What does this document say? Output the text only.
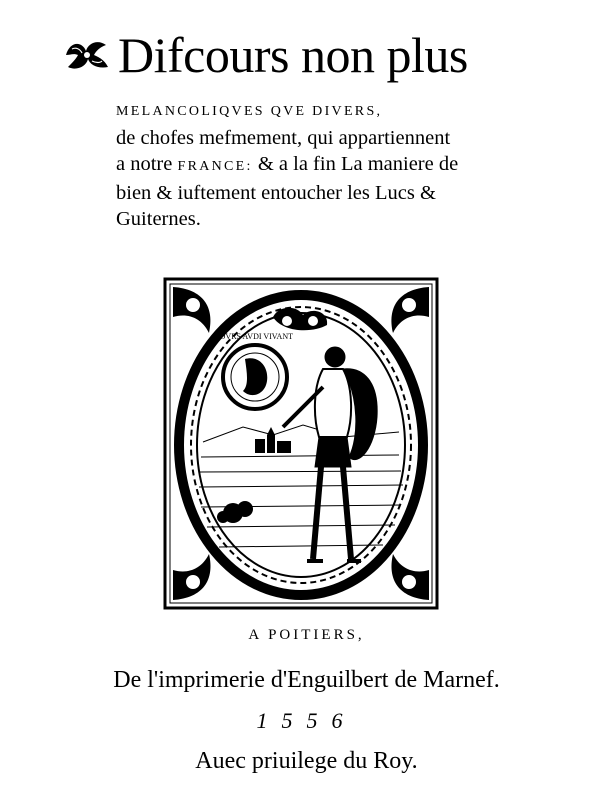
Difcours non plus
MELANCOLIQVES QVE DIVERS,
de chofes mefmement, qui appartiennent
a notre FRANCE: & a la fin La maniere de
bien & iuftement entoucher les Lucs &
Guiternes.
IOVRS AVDI VIVANT
A POITIERS,
De l'imprimerie d'Enguilbert de Marnef.
1556
Auec priuilege du Roy.
